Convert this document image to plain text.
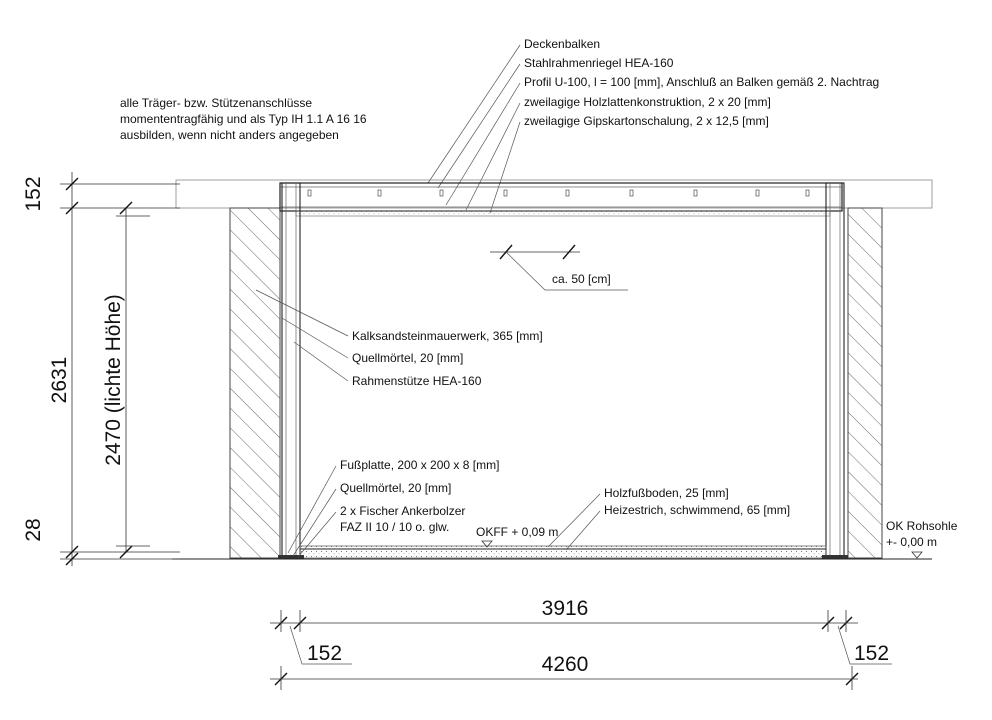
alle Träger- bzw. Stützenanschlüsse
momententragfähig und als Typ IH 1.1 A 16 16
ausbilden, wenn nicht anders angegeben
Deckenbalken
Stahlrahmenriegel HEA-160
Profil U-100, l = 100 [mm], Anschluß an Balken gemäß 2. Nachtrag
zweilagige Holzlattenkonstruktion, 2 x 20 [mm]
zweilagige Gipskartonschalung, 2 x 12,5 [mm]
ca. 50 [cm]
Kalksandsteinmauerwerk, 365 [mm]
Quellmörtel, 20 [mm]
Rahmenstütze HEA-160
Fußplatte, 200 x 200 x 8 [mm]
Quellmörtel, 20 [mm]
2 x Fischer Ankerbolzer
FAZ II 10 / 10 o. glw.
Holzfußboden, 25 [mm]
Heizestrich, schwimmend, 65 [mm]
OKFF + 0,09 m	OK Rohsohle
+- 0,00 m
152
2631 2470 (lichte Höhe)
28
3916
152	152
4260
